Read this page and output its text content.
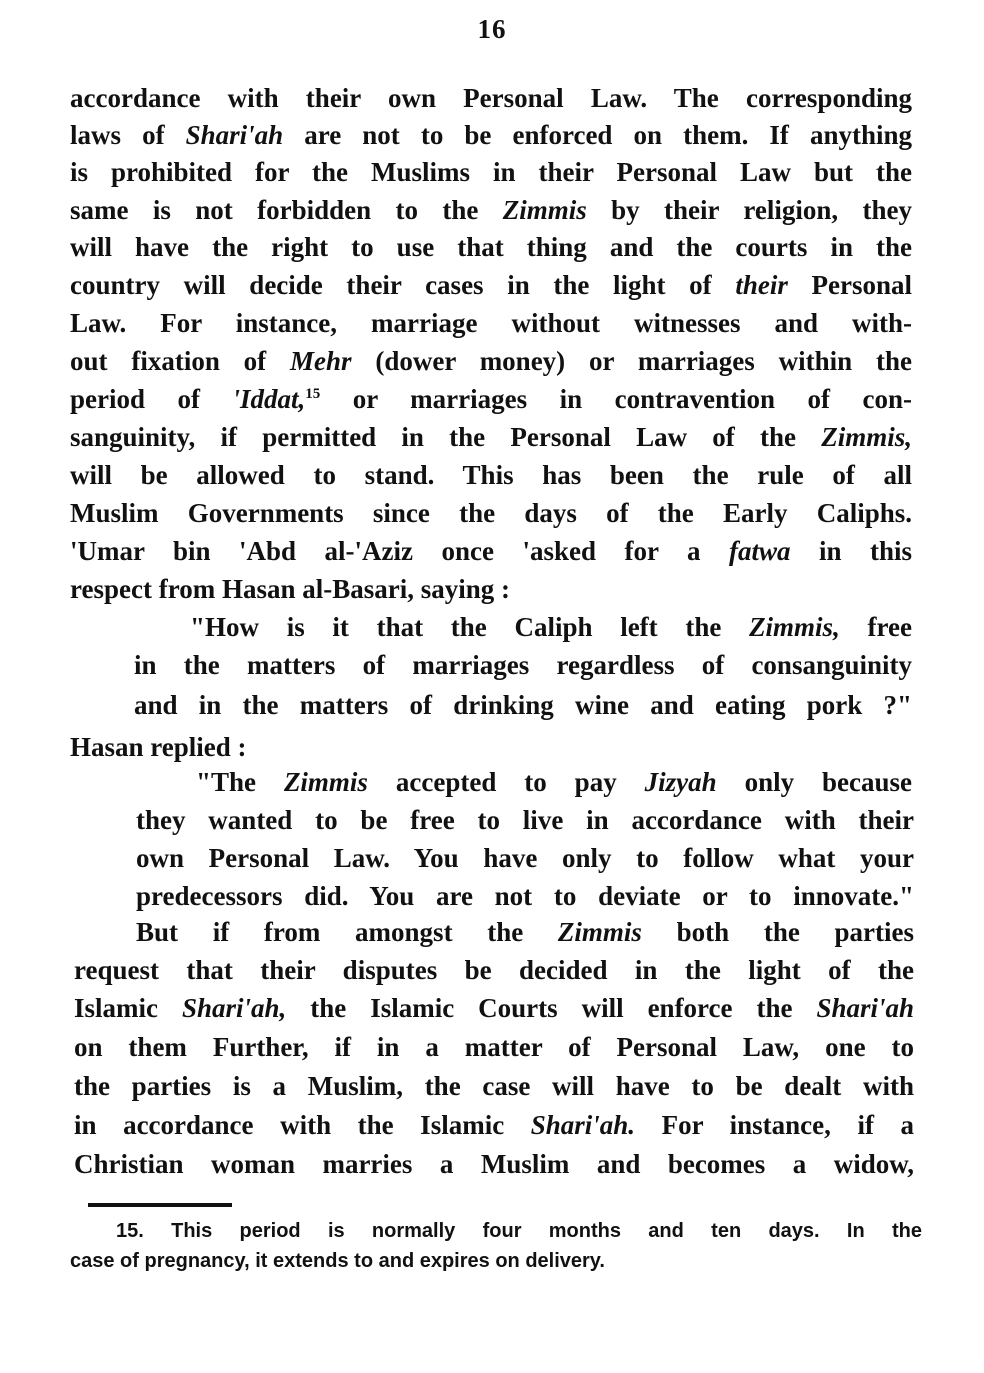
16
accordance with their own Personal Law. The corresponding
laws of Shari'ah are not to be enforced on them. If anything
is prohibited for the Muslims in their Personal Law but the
same is not forbidden to the Zimmis by their religion, they
will have the right to use that thing and the courts in the
country will decide their cases in the light of their Personal
Law. For instance, marriage without witnesses and with-
out fixation of Mehr (dower money) or marriages within the
period of 'Iddat,$^{15}$ or marriages in contravention of con-
sanguinity, if permitted in the Personal Law of the Zimmis,
will be allowed to stand. This has been the rule of all
Muslim Governments since the days of the Early Caliphs.
'Umar bin 'Abd al-'Aziz once 'asked for a fatwa in this
respect from Hasan al-Basari, saying :
"How is it that the Caliph left the Zimmis, free
in the matters of marriages regardless of consanguinity
and in the matters of drinking wine and eating pork ?"
Hasan replied :
"The Zimmis accepted to pay Jizyah only because
they wanted to be free to live in accordance with their
own Personal Law. You have only to follow what your
predecessors did. You are not to deviate or to innovate."
But if from amongst the Zimmis both the parties
request that their disputes be decided in the light of the
Islamic Shari'ah, the Islamic Courts will enforce the Shari'ah
on them Further, if in a matter of Personal Law, one to
the parties is a Muslim, the case will have to be dealt with
in accordance with the Islamic Shari'ah. For instance, if a
Christian woman marries a Muslim and becomes a widow,
15. This period is normally four months and ten days. In the
case of pregnancy, it extends to and expires on delivery.
